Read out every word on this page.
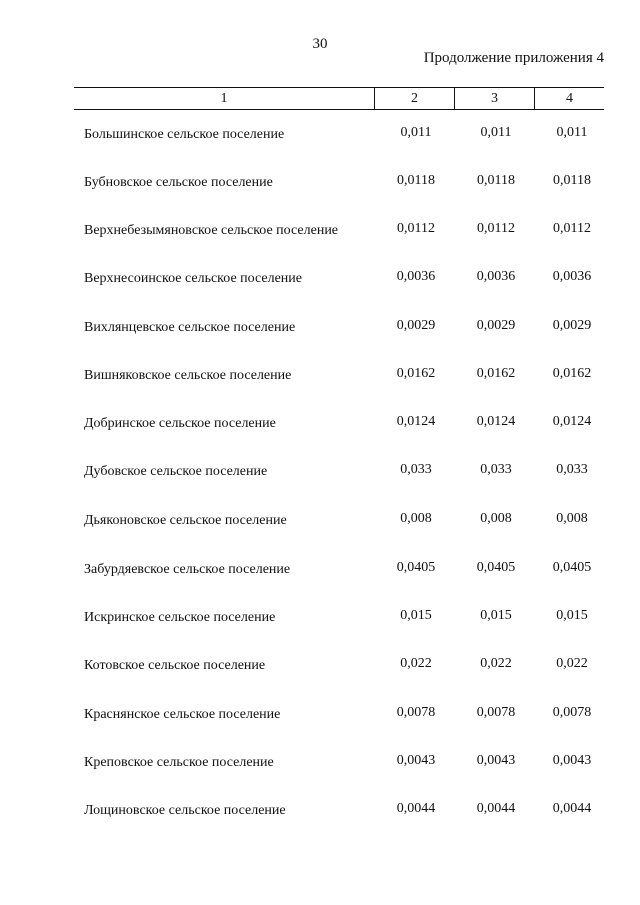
30
Продолжение приложения 4
1	2	3	4
Большинское сельское поселение	0,011	0,011	0,011
Бубновское сельское поселение	0,0118	0,0118	0,0118
Верхнебезымяновское сельское поселение	0,0112	0,0112	0,0112
Верхнесоинское сельское поселение	0,0036	0,0036	0,0036
Вихлянцевское сельское поселение	0,0029	0,0029	0,0029
Вишняковское сельское поселение	0,0162	0,0162	0,0162
Добринское сельское поселение	0,0124	0,0124	0,0124
Дубовское сельское поселение	0,033	0,033	0,033
Дьяконовское сельское поселение	0,008	0,008	0,008
Забурдяевское сельское поселение	0,0405	0,0405	0,0405
Искринское сельское поселение	0,015	0,015	0,015
Котовское сельское поселение	0,022	0,022	0,022
Краснянское сельское поселение	0,0078	0,0078	0,0078
Креповское сельское поселение	0,0043	0,0043	0,0043
Лощиновское сельское поселение	0,0044	0,0044	0,0044
